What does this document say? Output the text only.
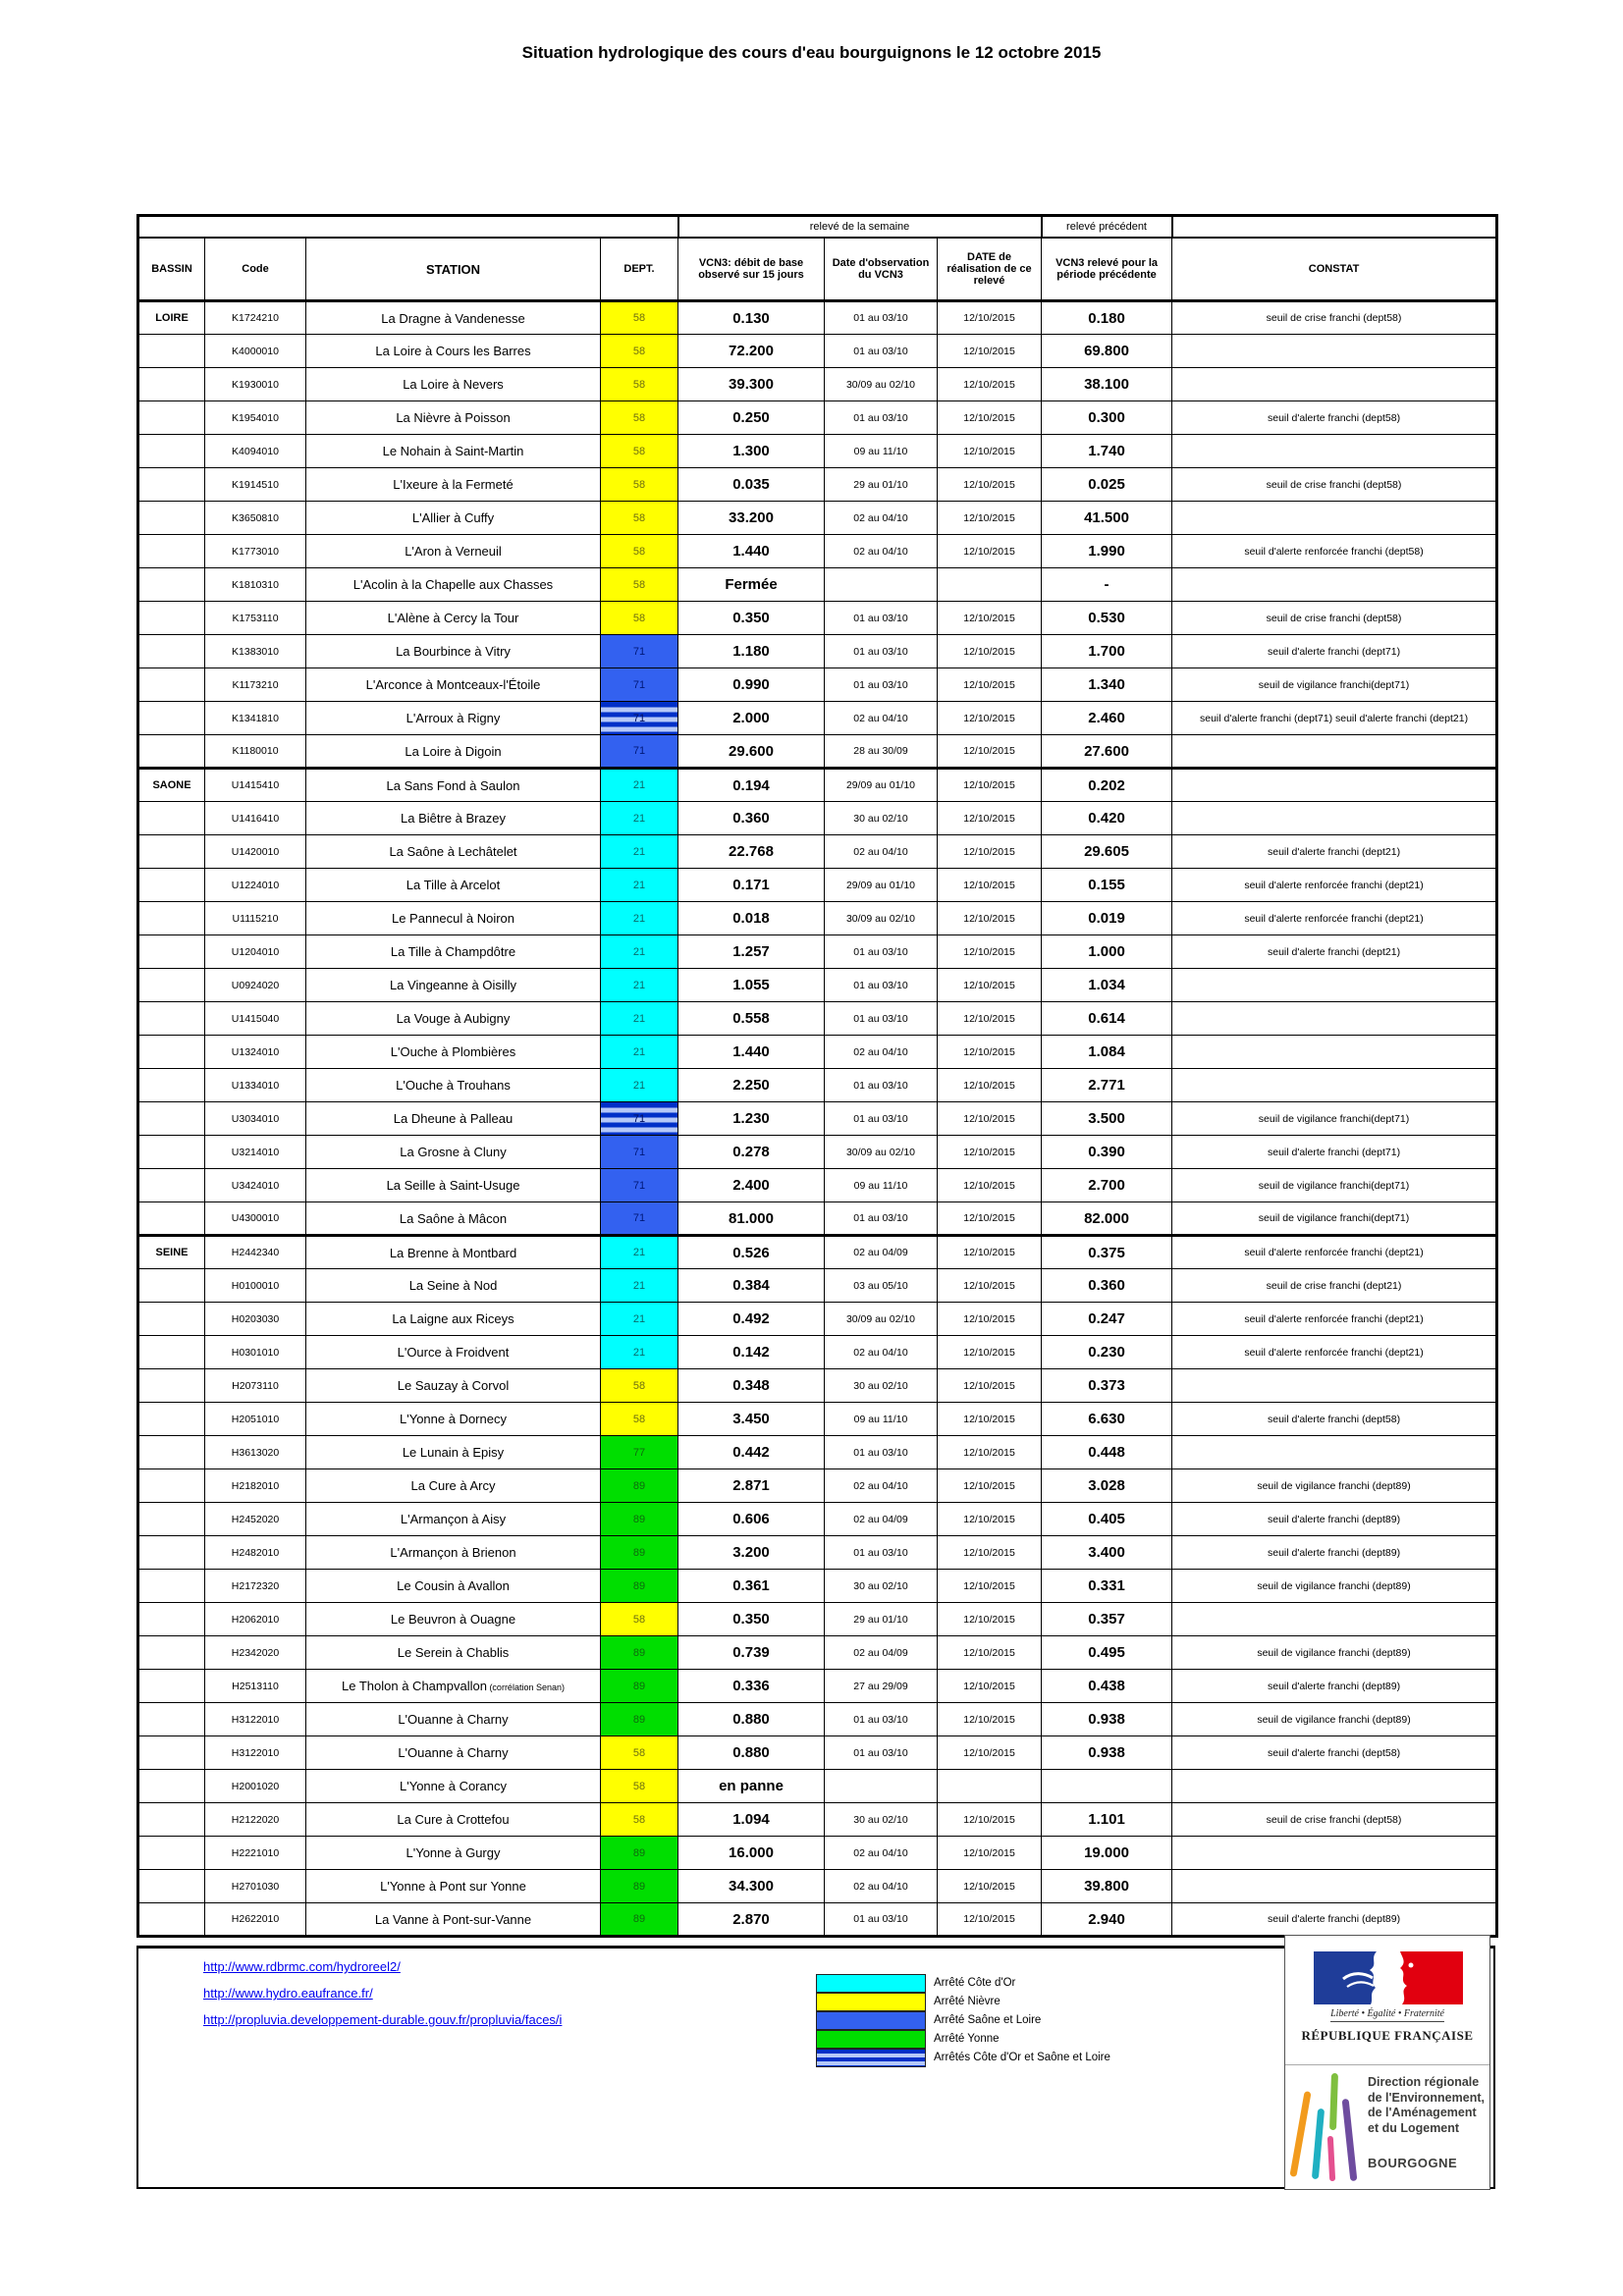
Situation hydrologique des cours d'eau bourguignons le 12 octobre 2015
				relevé de la semaine			relevé précédent	
BASSIN	Code	STATION	DEPT.	VCN3: débit de base observé sur 15 jours	Date d'observation du VCN3	DATE de réalisation de ce relevé	VCN3 relevé pour la période précédente	CONSTAT
LOIRE	K1724210	La Dragne à Vandenesse	58	0.130	01 au 03/10	12/10/2015	0.180	seuil de crise franchi (dept58)
	K4000010	La Loire à Cours les Barres	58	72.200	01 au 03/10	12/10/2015	69.800	
	K1930010	La Loire à Nevers	58	39.300	30/09 au 02/10	12/10/2015	38.100	
	K1954010	La Nièvre à Poisson	58	0.250	01 au 03/10	12/10/2015	0.300	seuil d'alerte franchi (dept58)
	K4094010	Le Nohain à Saint-Martin	58	1.300	09 au 11/10	12/10/2015	1.740	
	K1914510	L'Ixeure à la Fermeté	58	0.035	29 au 01/10	12/10/2015	0.025	seuil de crise franchi (dept58)
	K3650810	L'Allier à Cuffy	58	33.200	02 au 04/10	12/10/2015	41.500	
	K1773010	L'Aron à Verneuil	58	1.440	02 au 04/10	12/10/2015	1.990	seuil d'alerte renforcée franchi (dept58)
	K1810310	L'Acolin à la Chapelle aux Chasses	58	Fermée			-	
	K1753110	L'Alène à Cercy la Tour	58	0.350	01 au 03/10	12/10/2015	0.530	seuil de crise franchi (dept58)
	K1383010	La Bourbince à Vitry	71	1.180	01 au 03/10	12/10/2015	1.700	seuil d'alerte franchi (dept71)
	K1173210	L'Arconce à Montceaux-l'Étoile	71	0.990	01 au 03/10	12/10/2015	1.340	seuil de vigilance franchi(dept71)
	K1341810	L'Arroux à Rigny	71	2.000	02 au 04/10	12/10/2015	2.460	seuil d'alerte franchi (dept71) seuil d'alerte franchi (dept21)
	K1180010	La Loire à Digoin	71	29.600	28 au 30/09	12/10/2015	27.600	
SAONE	U1415410	La Sans Fond à Saulon	21	0.194	29/09 au 01/10	12/10/2015	0.202	
	U1416410	La Biêtre à Brazey	21	0.360	30 au 02/10	12/10/2015	0.420	
	U1420010	La Saône à Lechâtelet	21	22.768	02 au 04/10	12/10/2015	29.605	seuil d'alerte franchi (dept21)
	U1224010	La Tille à Arcelot	21	0.171	29/09 au 01/10	12/10/2015	0.155	seuil d'alerte renforcée franchi (dept21)
	U1115210	Le Pannecul à Noiron	21	0.018	30/09 au 02/10	12/10/2015	0.019	seuil d'alerte renforcée franchi (dept21)
	U1204010	La Tille à Champdôtre	21	1.257	01 au 03/10	12/10/2015	1.000	seuil d'alerte franchi (dept21)
	U0924020	La Vingeanne à Oisilly	21	1.055	01 au 03/10	12/10/2015	1.034	
	U1415040	La Vouge à Aubigny	21	0.558	01 au 03/10	12/10/2015	0.614	
	U1324010	L'Ouche à Plombières	21	1.440	02 au 04/10	12/10/2015	1.084	
	U1334010	L'Ouche à Trouhans	21	2.250	01 au 03/10	12/10/2015	2.771	
	U3034010	La Dheune à Palleau	71	1.230	01 au 03/10	12/10/2015	3.500	seuil de vigilance franchi(dept71)
	U3214010	La Grosne à Cluny	71	0.278	30/09 au 02/10	12/10/2015	0.390	seuil d'alerte franchi (dept71)
	U3424010	La Seille à Saint-Usuge	71	2.400	09 au 11/10	12/10/2015	2.700	seuil de vigilance franchi(dept71)
	U4300010	La Saône à Mâcon	71	81.000	01 au 03/10	12/10/2015	82.000	seuil de vigilance franchi(dept71)
SEINE	H2442340	La Brenne à Montbard	21	0.526	02 au 04/09	12/10/2015	0.375	seuil d'alerte renforcée franchi (dept21)
	H0100010	La Seine à Nod	21	0.384	03 au 05/10	12/10/2015	0.360	seuil de crise franchi (dept21)
	H0203030	La Laigne aux Riceys	21	0.492	30/09 au 02/10	12/10/2015	0.247	seuil d'alerte renforcée franchi (dept21)
	H0301010	L'Ource à Froidvent	21	0.142	02 au 04/10	12/10/2015	0.230	seuil d'alerte renforcée franchi (dept21)
	H2073110	Le Sauzay à Corvol	58	0.348	30 au 02/10	12/10/2015	0.373	
	H2051010	L'Yonne à Dornecy	58	3.450	09 au 11/10	12/10/2015	6.630	seuil d'alerte franchi (dept58)
	H3613020	Le Lunain à Episy	77	0.442	01 au 03/10	12/10/2015	0.448	
	H2182010	La Cure à Arcy	89	2.871	02 au 04/10	12/10/2015	3.028	seuil de vigilance franchi (dept89)
	H2452020	L'Armançon à Aisy	89	0.606	02 au 04/09	12/10/2015	0.405	seuil d'alerte franchi (dept89)
	H2482010	L'Armançon à Brienon	89	3.200	01 au 03/10	12/10/2015	3.400	seuil d'alerte franchi (dept89)
	H2172320	Le Cousin à Avallon	89	0.361	30 au 02/10	12/10/2015	0.331	seuil de vigilance franchi (dept89)
	H2062010	Le Beuvron à Ouagne	58	0.350	29 au 01/10	12/10/2015	0.357	
	H2342020	Le Serein à Chablis	89	0.739	02 au 04/09	12/10/2015	0.495	seuil de vigilance franchi (dept89)
	H2513110	Le Tholon à Champvallon (corrélation Senan)	89	0.336	27 au 29/09	12/10/2015	0.438	seuil d'alerte franchi (dept89)
	H3122010	L'Ouanne à Charny	89	0.880	01 au 03/10	12/10/2015	0.938	seuil de vigilance franchi (dept89)
	H3122010	L'Ouanne à Charny	58	0.880	01 au 03/10	12/10/2015	0.938	seuil d'alerte franchi (dept58)
	H2001020	L'Yonne à Corancy	58	en panne				
	H2122020	La Cure à Crottefou	58	1.094	30 au 02/10	12/10/2015	1.101	seuil de crise franchi (dept58)
	H2221010	L'Yonne à Gurgy	89	16.000	02 au 04/10	12/10/2015	19.000	
	H2701030	L'Yonne à Pont sur Yonne	89	34.300	02 au 04/10	12/10/2015	39.800	
	H2622010	La Vanne à Pont-sur-Vanne	89	2.870	01 au 03/10	12/10/2015	2.940	seuil d'alerte franchi (dept89)
http://www.rdbrmc.com/hydroreel2/
http://www.hydro.eaufrance.fr/
http://propluvia.developpement-durable.gouv.fr/propluvia/faces/i
Arrêté Côte d'Or
Arrêté Nièvre
Arrêté Saône et Loire
Arrêté Yonne
Arrêtés Côte d'Or et Saône et Loire
Liberté • Égalité • Fraternité
RÉPUBLIQUE FRANÇAISE
Direction régionale
de l'Environnement,
de l'Aménagement
et du Logement
BOURGOGNE
